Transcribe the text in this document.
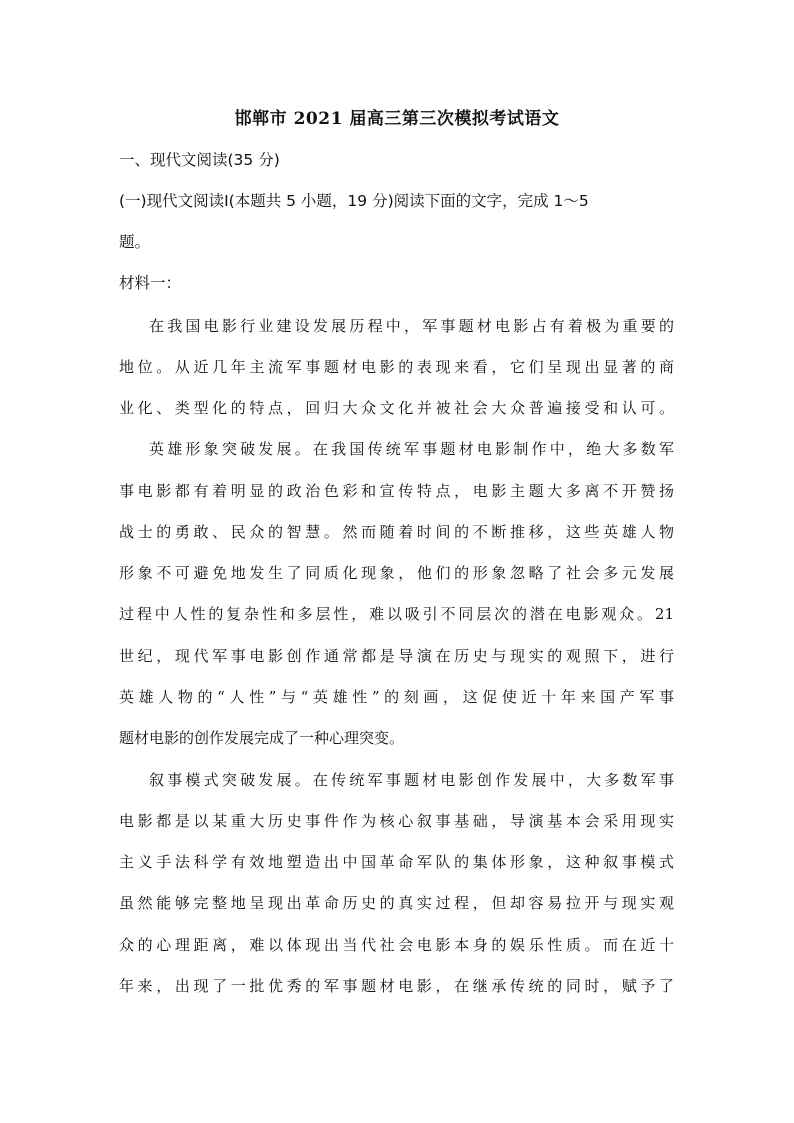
邯郸市 2021 届高三第三次模拟考试语文
一、现代文阅读(35 分)
(一)现代文阅读Ⅰ(本题共 5 小题，19 分)阅读下面的文字，完成 1～5
题。
材料一：
在我国电影行业建设发展历程中，军事题材电影占有着极为重要的
地位。从近几年主流军事题材电影的表现来看，它们呈现出显著的商
业化、类型化的特点，回归大众文化并被社会大众普遍接受和认可。
英雄形象突破发展。在我国传统军事题材电影制作中，绝大多数军
事电影都有着明显的政治色彩和宣传特点，电影主题大多离不开赞扬
战士的勇敢、民众的智慧。然而随着时间的不断推移，这些英雄人物
形象不可避免地发生了同质化现象，他们的形象忽略了社会多元发展
过程中人性的复杂性和多层性，难以吸引不同层次的潜在电影观众。21
世纪，现代军事电影创作通常都是导演在历史与现实的观照下，进行
英雄人物的“人性”与“英雄性”的刻画，这促使近十年来国产军事
题材电影的创作发展完成了一种心理突变。
叙事模式突破发展。在传统军事题材电影创作发展中，大多数军事
电影都是以某重大历史事件作为核心叙事基础，导演基本会采用现实
主义手法科学有效地塑造出中国革命军队的集体形象，这种叙事模式
虽然能够完整地呈现出革命历史的真实过程，但却容易拉开与现实观
众的心理距离，难以体现出当代社会电影本身的娱乐性质。而在近十
年来，出现了一批优秀的军事题材电影，在继承传统的同时，赋予了
